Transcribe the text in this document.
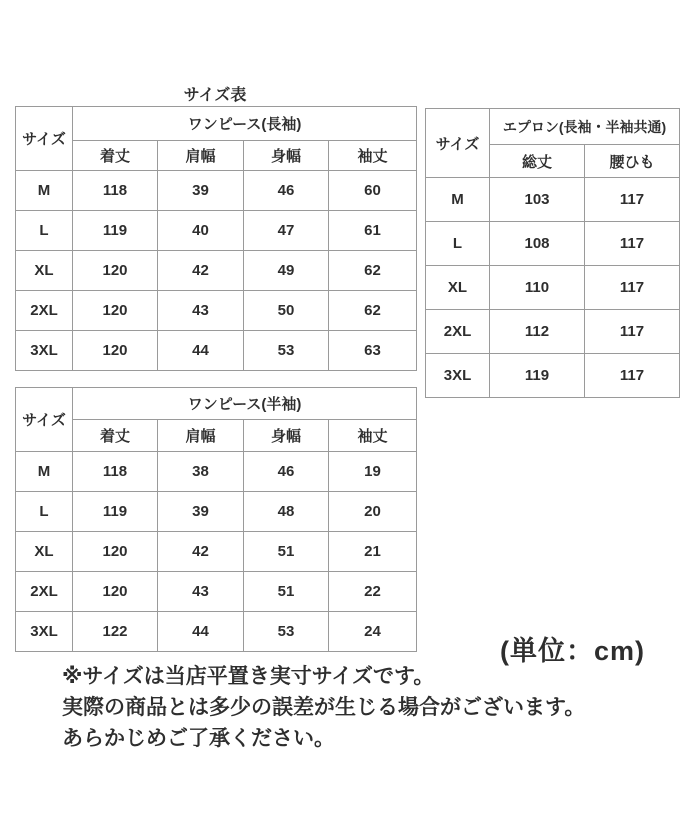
サイズ表
サイズ	ワンピース(長袖)			
	着丈	肩幅	身幅	袖丈
M	118	39	46	60
L	119	40	47	61
XL	120	42	49	62
2XL	120	43	50	62
3XL	120	44	53	63
サイズ	エプロン(長袖・半袖共通)	
	総丈	腰ひも
M	103	117
L	108	117
XL	110	117
2XL	112	117
3XL	119	117
サイズ	ワンピース(半袖)			
	着丈	肩幅	身幅	袖丈
M	118	38	46	19
L	119	39	48	20
XL	120	42	51	21
2XL	120	43	51	22
3XL	122	44	53	24
(単位：cm)
※サイズは当店平置き実寸サイズです。
実際の商品とは多少の誤差が生じる場合がございます。
あらかじめご了承ください。
